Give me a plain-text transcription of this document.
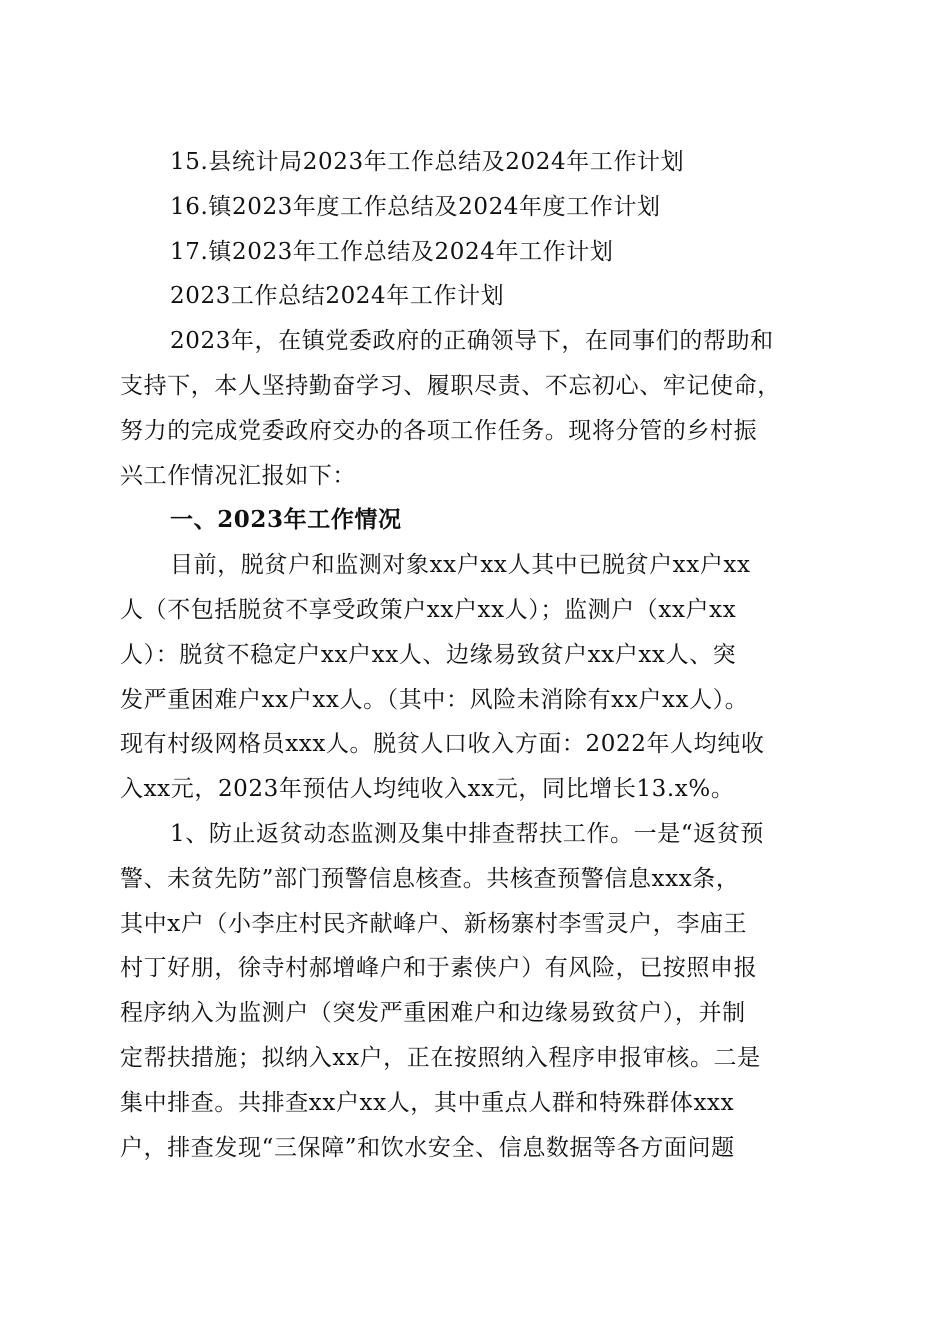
15.县统计局2023年工作总结及2024年工作计划
16.镇2023年度工作总结及2024年度工作计划
17.镇2023年工作总结及2024年工作计划
2023工作总结2024年工作计划
2023年，在镇党委政府的正确领导下，在同事们的帮助和
支持下，本人坚持勤奋学习、履职尽责、不忘初心、牢记使命，
努力的完成党委政府交办的各项工作任务。现将分管的乡村振
兴工作情况汇报如下：
一、2023年工作情况
目前，脱贫户和监测对象xx户xx人其中已脱贫户xx户xx
人（不包括脱贫不享受政策户xx户xx人）；监测户（xx户xx
人）：脱贫不稳定户xx户xx人、边缘易致贫户xx户xx人、突
发严重困难户xx户xx人。（其中：风险未消除有xx户xx人）。
现有村级网格员xxx人。脱贫人口收入方面：2022年人均纯收
入xx元，2023年预估人均纯收入xx元，同比增长13.x%。
1、防止返贫动态监测及集中排查帮扶工作。一是“返贫预
警、未贫先防”部门预警信息核查。共核查预警信息xxx条，
其中x户（小李庄村民齐献峰户、新杨寨村李雪灵户，李庙王
村丁好朋，徐寺村郝增峰户和于素侠户）有风险，已按照申报
程序纳入为监测户（突发严重困难户和边缘易致贫户），并制
定帮扶措施；拟纳入xx户，正在按照纳入程序申报审核。二是
集中排查。共排查xx户xx人，其中重点人群和特殊群体xxx
户，排查发现“三保障”和饮水安全、信息数据等各方面问题
